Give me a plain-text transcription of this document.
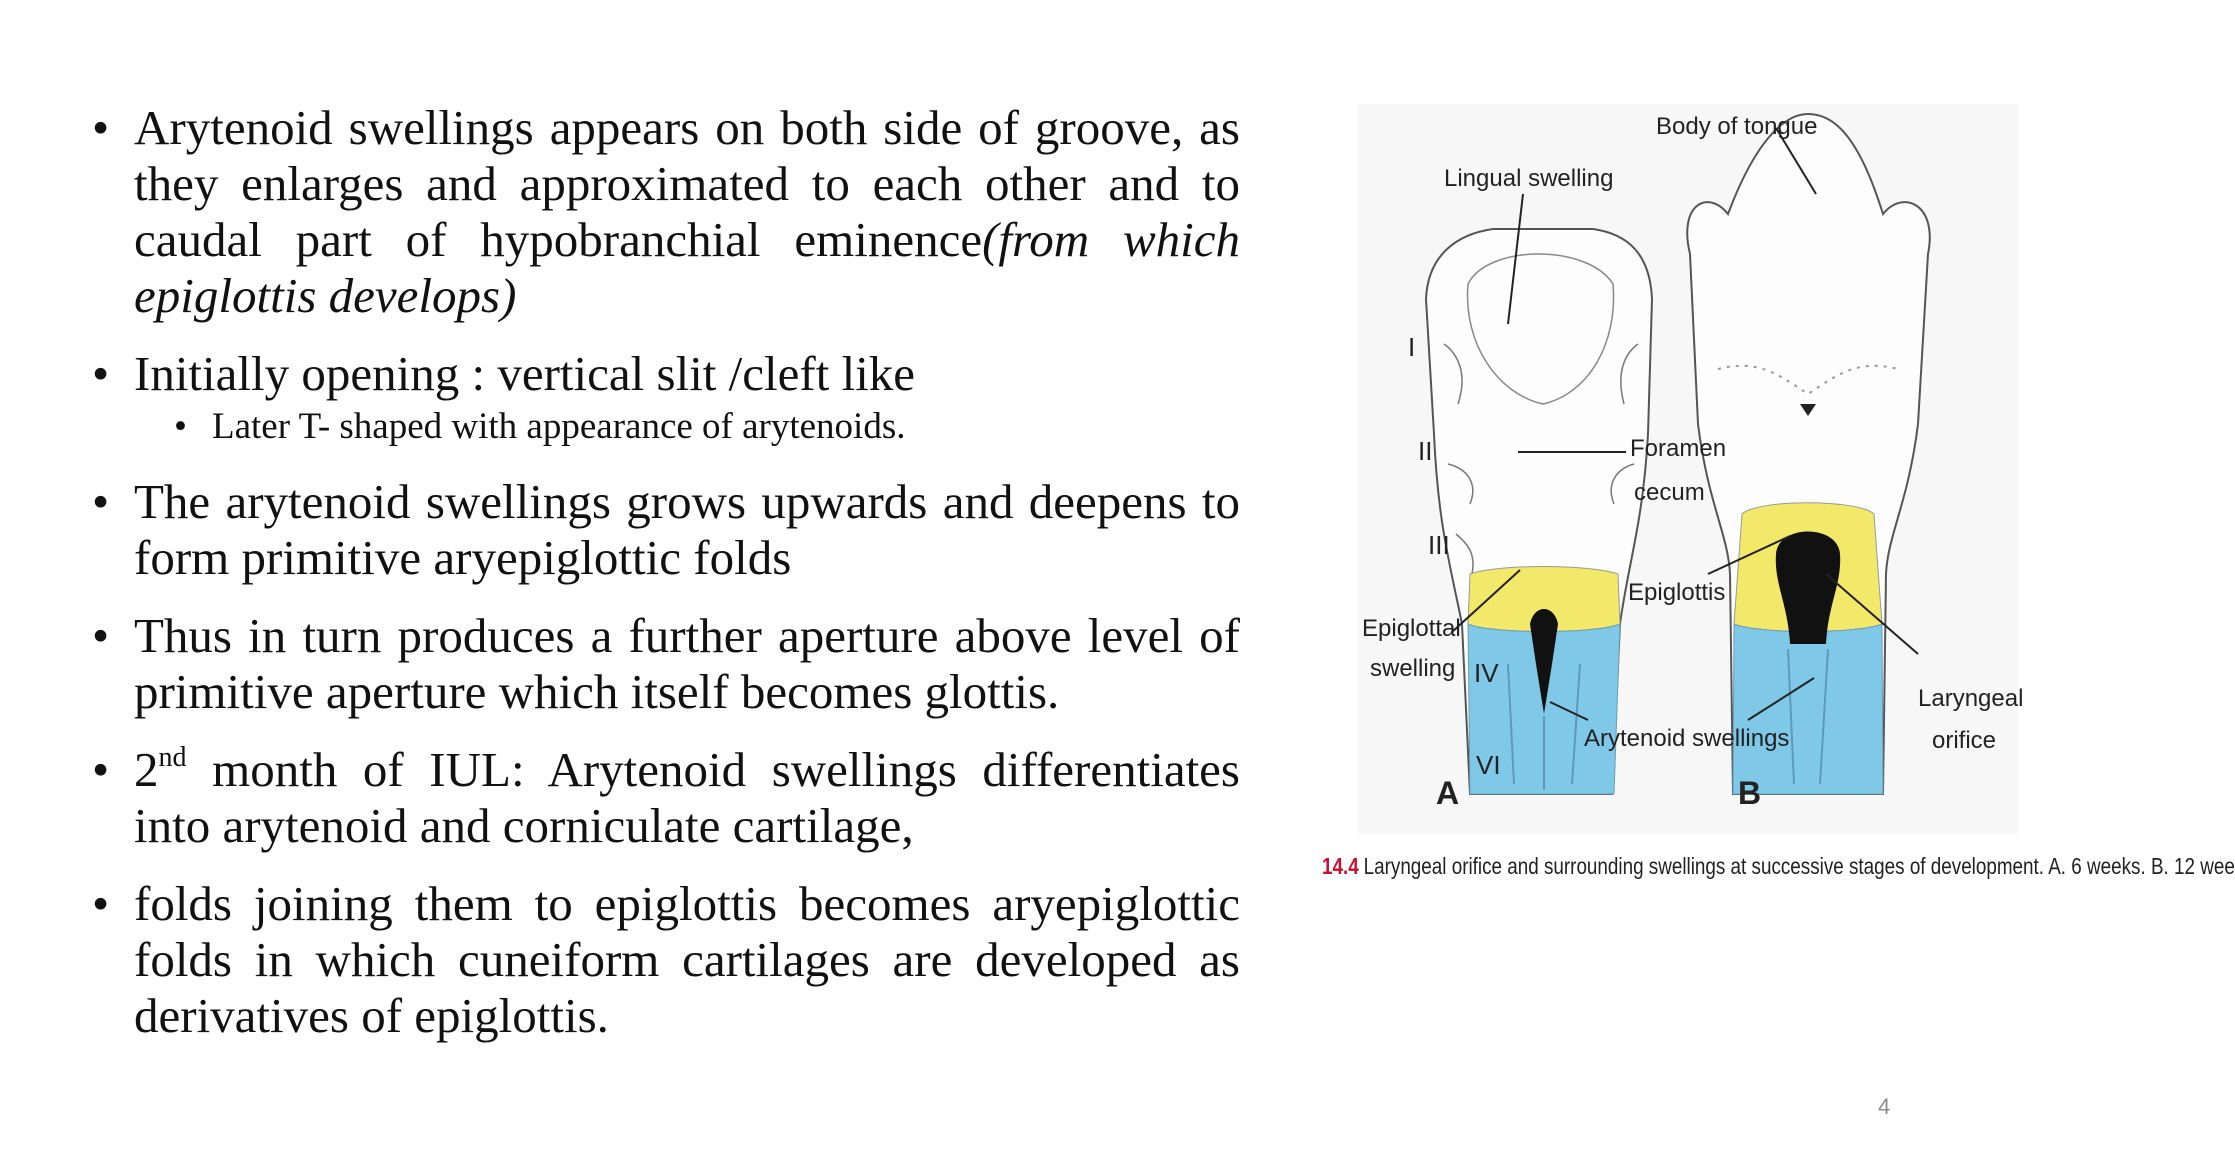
• Arytenoid swellings appears on both side of groove, as they enlarges and approximated to each other and to caudal part of hypobranchial eminence(from which epiglottis develops)
• Initially opening : vertical slit /cleft like
• Later T- shaped with appearance of arytenoids.
• The arytenoid swellings grows upwards and deepens to form primitive aryepiglottic folds
• Thus in turn produces a further aperture above level of primitive aperture which itself becomes glottis.
• 2nd month of IUL: Arytenoid swellings differentiates into arytenoid and corniculate cartilage,
• folds joining them to epiglottis becomes aryepiglottic folds in which cuneiform cartilages are developed as derivatives of epiglottis.
Lingual swelling
Body of tongue
Foramen
cecum
Epiglottis
Epiglottal
swelling
Arytenoid swellings
Laryngeal
orifice
I
II
III
IV
VI
A	B
14.4 Laryngeal orifice and surrounding swellings at successive stages of development. A. 6 weeks. B. 12 wee
4
